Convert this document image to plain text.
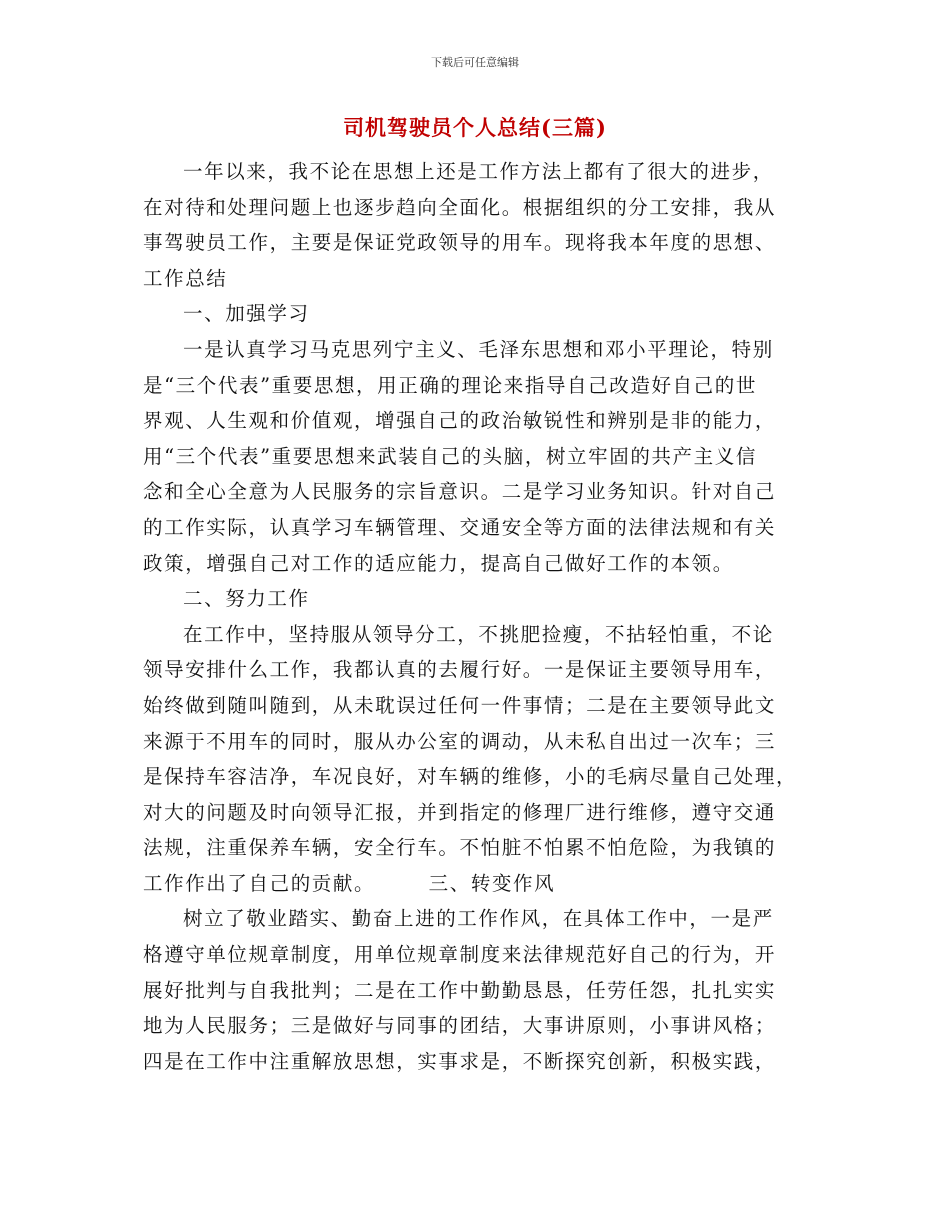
下载后可任意编辑
司机驾驶员个人总结(三篇)
一年以来，我不论在思想上还是工作方法上都有了很大的进步，
在对待和处理问题上也逐步趋向全面化。根据组织的分工安排，我从
事驾驶员工作，主要是保证党政领导的用车。现将我本年度的思想、
工作总结
一、加强学习
一是认真学习马克思列宁主义、毛泽东思想和邓小平理论，特别
是“三个代表”重要思想，用正确的理论来指导自己改造好自己的世
界观、人生观和价值观，增强自己的政治敏锐性和辨别是非的能力，
用“三个代表”重要思想来武装自己的头脑，树立牢固的共产主义信
念和全心全意为人民服务的宗旨意识。二是学习业务知识。针对自己
的工作实际，认真学习车辆管理、交通安全等方面的法律法规和有关
政策，增强自己对工作的适应能力，提高自己做好工作的本领。
二、努力工作
在工作中，坚持服从领导分工，不挑肥捡瘦，不拈轻怕重，不论
领导安排什么工作，我都认真的去履行好。一是保证主要领导用车，
始终做到随叫随到，从未耽误过任何一件事情；二是在主要领导此文
来源于不用车的同时，服从办公室的调动，从未私自出过一次车；三
是保持车容洁净，车况良好，对车辆的维修，小的毛病尽量自己处理，
对大的问题及时向领导汇报，并到指定的修理厂进行维修，遵守交通
法规，注重保养车辆，安全行车。不怕脏不怕累不怕危险，为我镇的
工作作出了自己的贡献。　　　三、转变作风
树立了敬业踏实、勤奋上进的工作作风，在具体工作中，一是严
格遵守单位规章制度，用单位规章制度来法律规范好自己的行为，开
展好批判与自我批判；二是在工作中勤勤恳恳，任劳任怨，扎扎实实
地为人民服务；三是做好与同事的团结，大事讲原则，小事讲风格；
四是在工作中注重解放思想，实事求是，不断探究创新，积极实践，
